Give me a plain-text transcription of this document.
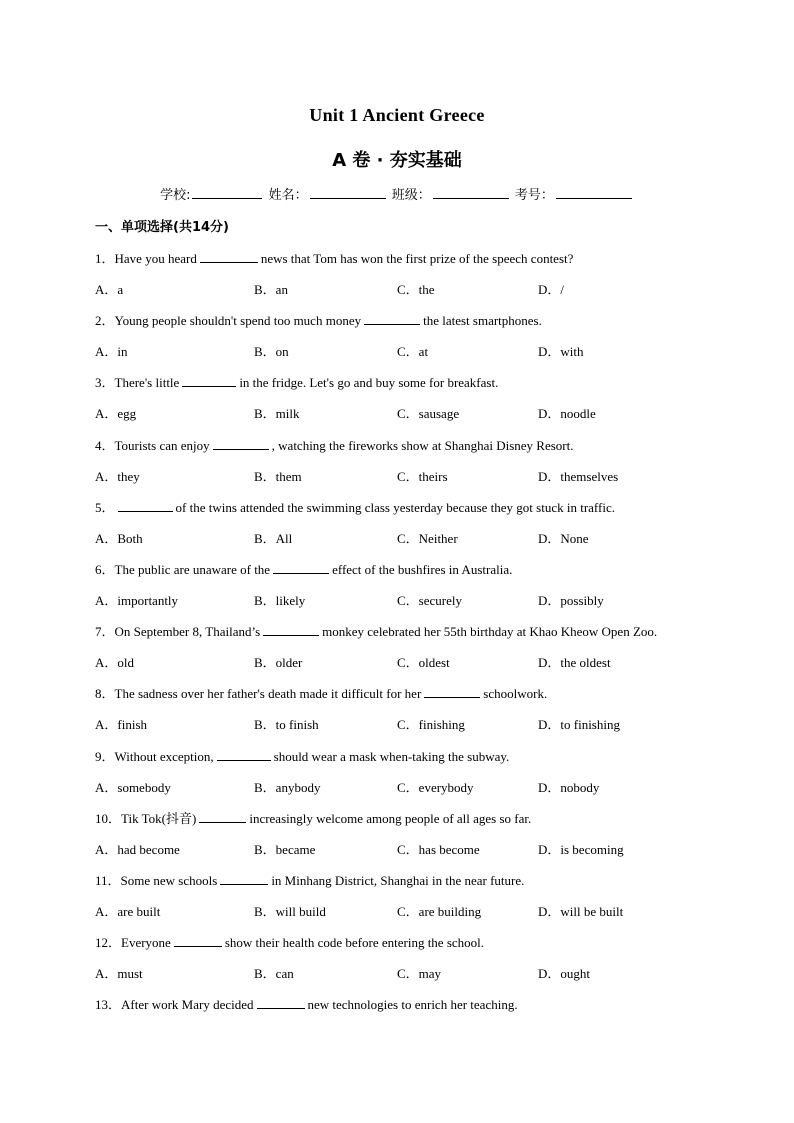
Unit 1 Ancient Greece
A 卷 · 夯实基础
学校:	姓名：	班级：	考号：
一、单项选择(共14分)
1．Have you heard	news that Tom has won the first prize of the speech contest?
A．a	B．an	C．the	D．/
2．Young people shouldn't spend too much money	the latest smartphones.
A．in	B．on	C．at	D．with
3．There's little	in the fridge. Let's go and buy some for breakfast.
A．egg	B．milk	C．sausage	D．noodle
4．Tourists can enjoy	, watching the fireworks show at Shanghai Disney Resort.
A．they	B．them	C．theirs	D．themselves
5．	of the twins attended the swimming class yesterday because they got stuck in traffic.
A．Both	B．All	C．Neither	D．None
6．The public are unaware of the	effect of the bushfires in Australia.
A．importantly	B．likely	C．securely	D．possibly
7．On September 8, Thailand’s	monkey celebrated her 55th birthday at Khao Kheow Open Zoo.
A．old	B．older	C．oldest	D．the oldest
8．The sadness over her father's death made it difficult for her	schoolwork.
A．finish	B．to finish	C．finishing	D．to finishing
9．Without exception,	should wear a mask when-taking the subway.
A．somebody	B．anybody	C．everybody	D．nobody
10．Tik Tok(抖音)	increasingly welcome among people of all ages so far.
A．had become	B．became	C．has become	D．is becoming
11．Some new schools	in Minhang District, Shanghai in the near future.
A．are built	B．will build	C．are building	D．will be built
12．Everyone	show their health code before entering the school.
A．must	B．can	C．may	D．ought
13．After work Mary decided	new technologies to enrich her teaching.
